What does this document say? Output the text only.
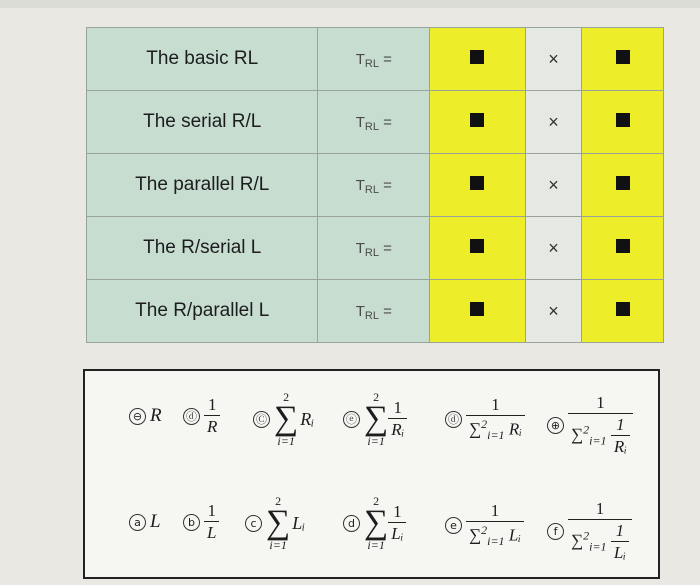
The basic RL	$T_{RL}$ =		×	
The serial R/L	$T_{RL}$ =		×	
The parallel R/L	$T_{RL}$ =		×	
The R/serial L	$T_{RL}$ =		×	
The R/parallel L	$T_{RL}$ =		×	
⊖ R ⓓ $\frac{1}{R}$	Ⓒ
2
∑
i=1
Rᵢ	ⓔ
2
∑
i=1
$\frac{1}{\text{Rᵢ}}$	ⓓ $\frac{1}{\sum^2_{i=1} Rᵢ}$	⊕ $\frac{1}{\sum^2_{i=1} \frac{1}{\text{Rᵢ}}}$
a L	b $\frac{1}{L}$	c
2
∑
i=1
Lᵢ	d
2
∑
i=1
$\frac{1}{\text{Lᵢ}}$	e $\frac{1}{\sum^2_{i=1} Lᵢ}$	f $\frac{1}{\sum^2_{i=1} \frac{1}{\text{Lᵢ}}}$
